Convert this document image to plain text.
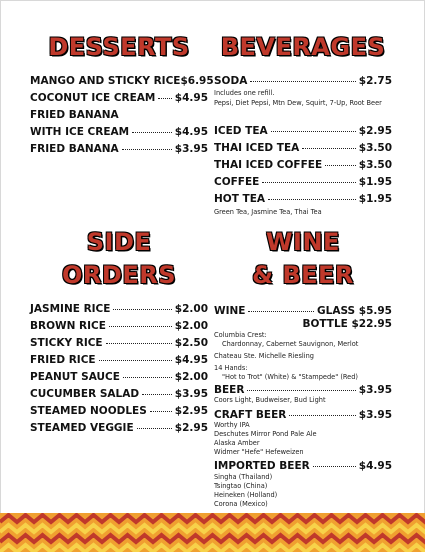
DESSERTS
MANGO AND STICKY RICE $6.95
COCONUT ICE CREAM $4.95
FRIED BANANA
WITH ICE CREAM	$4.95
FRIED BANANA	$3.95
SIDE
ORDERS
JASMINE RICE	$2.00
BROWN RICE	$2.00
STICKY RICE	$2.50
FRIED RICE	$4.95
PEANUT SAUCE	$2.00
CUCUMBER SALAD	$3.95
STEAMED NOODLES	$2.95
STEAMED VEGGIE	$2.95
BEVERAGES
SODA	$2.75
Includes one refill.
Pepsi, Diet Pepsi, Mtn Dew, Squirt, 7-Up, Root Beer
ICED TEA	$2.95
THAI ICED TEA	$3.50
THAI ICED COFFEE	$3.50
COFFEE	$1.95
HOT TEA	$1.95
Green Tea, Jasmine Tea, Thai Tea
WINE
& BEER
WINE	GLASS $5.95
BOTTLE $22.95
Columbia Crest:
Chardonnay, Cabernet Sauvignon, Merlot
Chateau Ste. Michelle Riesling
14 Hands:
"Hot to Trot" (White) & "Stampede" (Red)
BEER	$3.95
Coors Light, Budweiser, Bud Light
CRAFT BEER	$3.95
Worthy IPA
Deschutes Mirror Pond Pale Ale
Alaska Amber
Widmer "Hefe" Hefeweizen
IMPORTED BEER	$4.95
Singha (Thailand)
Tsingtao (China)
Heineken (Holland)
Corona (Mexico)
